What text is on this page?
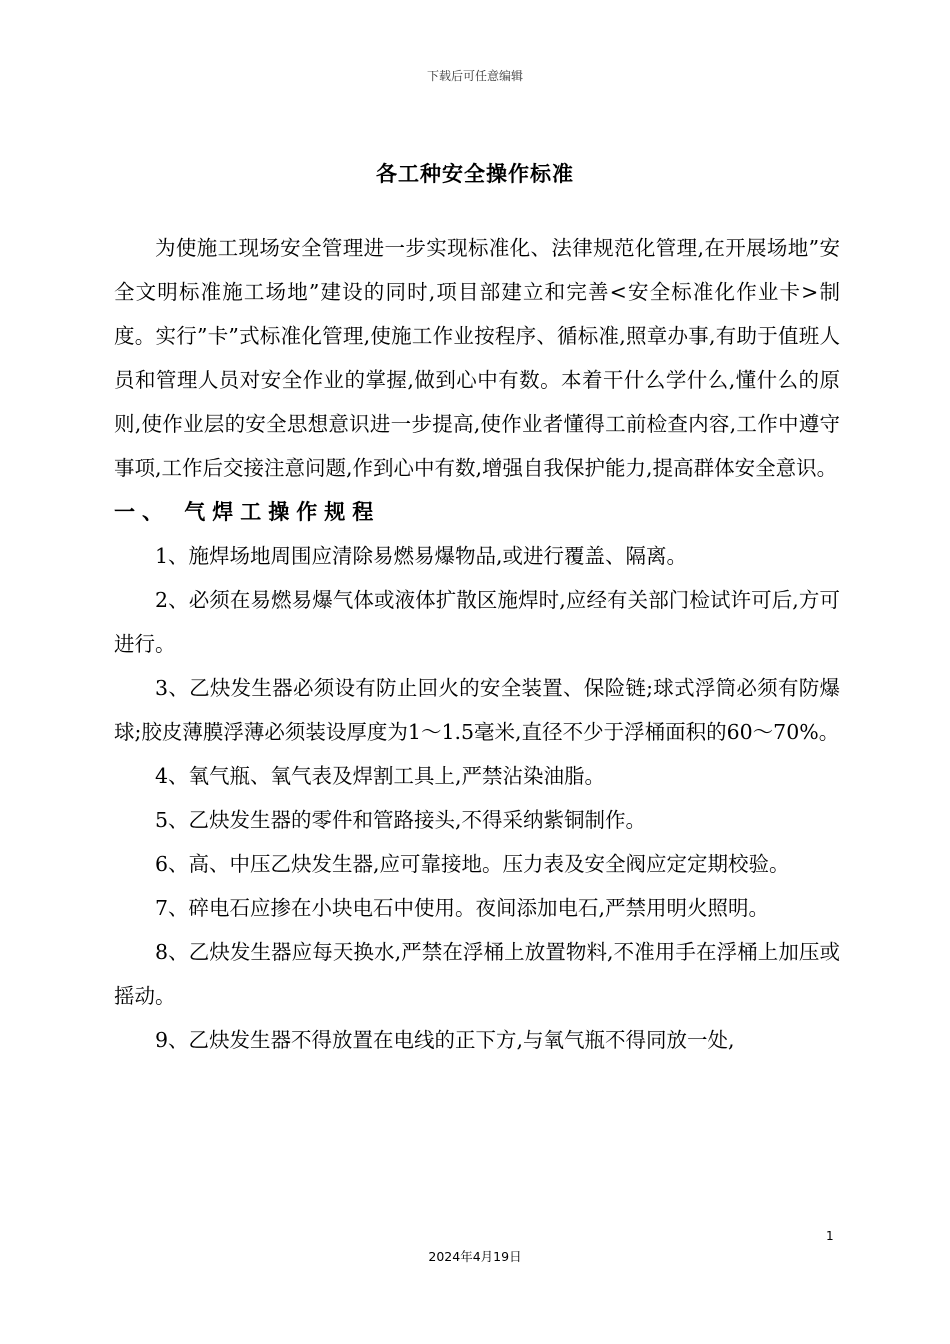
下载后可任意编辑
各工种安全操作标准

为使施工现场安全管理进一步实现标准化、法律规范化管理,在开展场地”安全文明标准施工场地”建设的同时,项目部建立和完善<安全标准化作业卡>制度。实行”卡”式标准化管理,使施工作业按程序、循标准,照章办事,有助于值班人员和管理人员对安全作业的掌握,做到心中有数。本着干什么学什么,懂什么的原则,使作业层的安全思想意识进一步提高,使作业者懂得工前检查内容,工作中遵守事项,工作后交接注意问题,作到心中有数,增强自我保护能力,提高群体安全意识。

一、 气焊工操作规程

1、施焊场地周围应清除易燃易爆物品,或进行覆盖、隔离。

2、必须在易燃易爆气体或液体扩散区施焊时,应经有关部门检试许可后,方可进行。

3、乙炔发生器必须设有防止回火的安全装置、保险链;球式浮筒必须有防爆球;胶皮薄膜浮薄必须装设厚度为1～1.5毫米,直径不少于浮桶面积的60～70%。

4、氧气瓶、氧气表及焊割工具上,严禁沾染油脂。

5、乙炔发生器的零件和管路接头,不得采纳紫铜制作。

6、高、中压乙炔发生器,应可靠接地。压力表及安全阀应定定期校验。

7、碎电石应掺在小块电石中使用。夜间添加电石,严禁用明火照明。

8、乙炔发生器应每天换水,严禁在浮桶上放置物料,不准用手在浮桶上加压或摇动。

9、乙炔发生器不得放置在电线的正下方,与氧气瓶不得同放一处,

1
2024年4月19日
